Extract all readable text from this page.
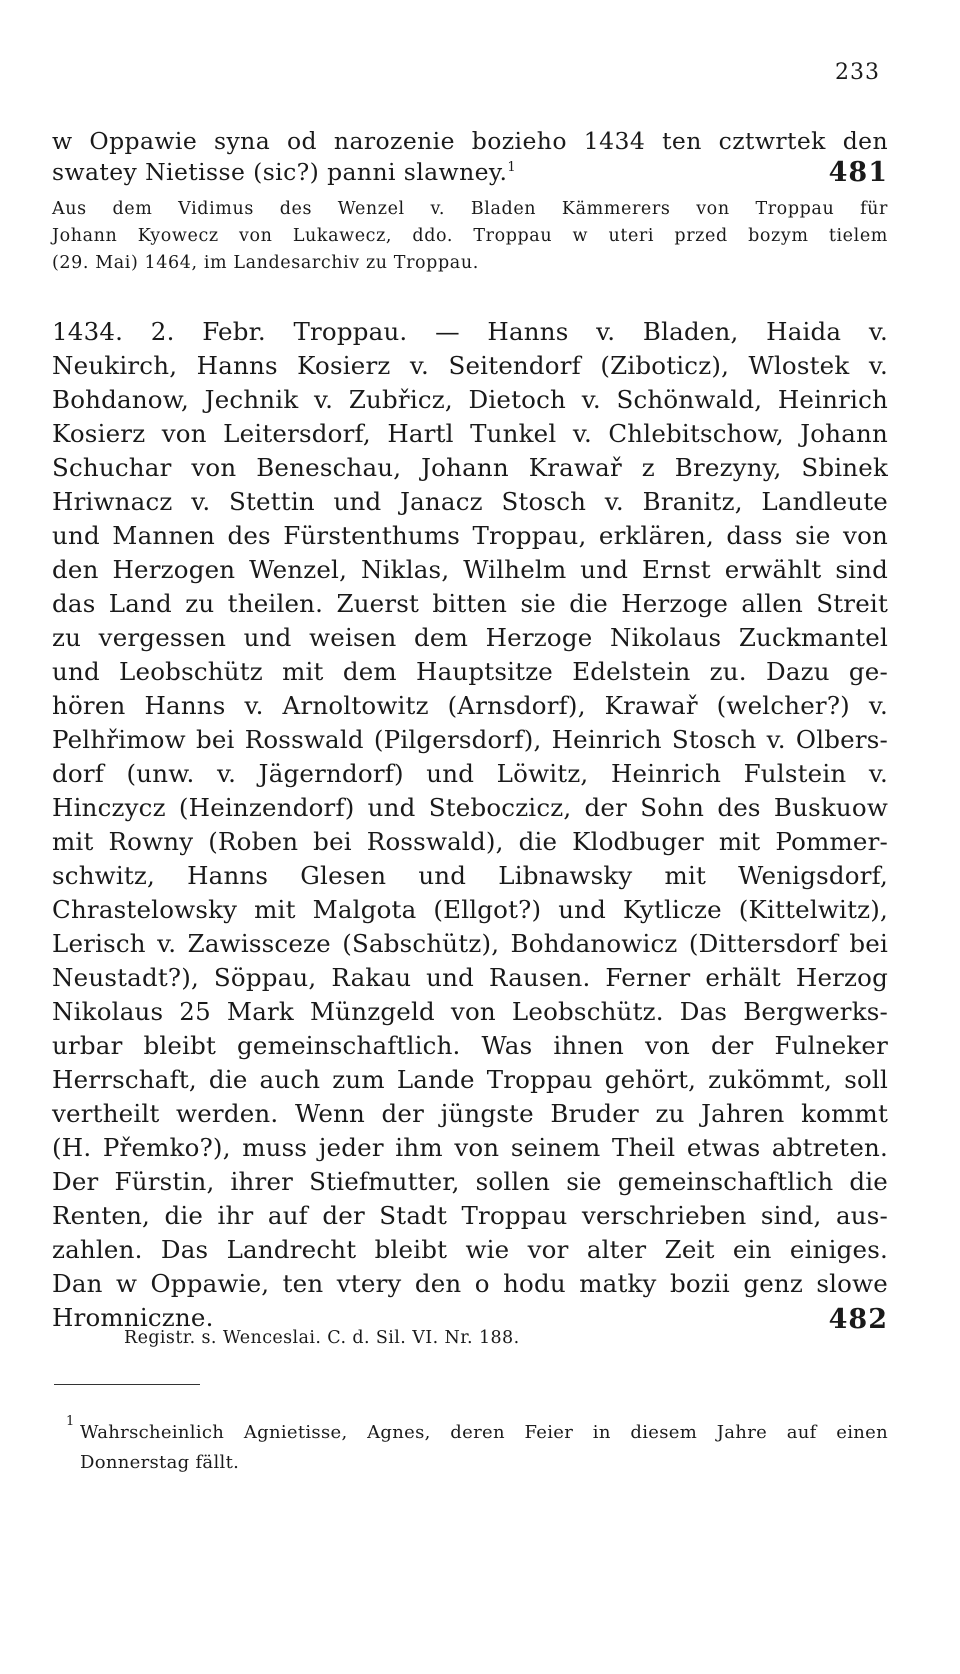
233
w Oppawie syna od narozenie bozieho 1434 ten cztwrtek den
swatey Nietisse (sic?) panni slawney.$^1$	481
Aus dem Vidimus des Wenzel v. Bladen Kämmerers von Troppau für
Johann Kyowecz von Lukawecz, ddo. Troppau w uteri przed bozym tielem
(29. Mai) 1464, im Landesarchiv zu Troppau.
1434. 2. Febr. Troppau. — Hanns v. Bladen, Haida v.
Neukirch, Hanns Kosierz v. Seitendorf (Ziboticz), Wlostek v.
Bohdanow, Jechnik v. Zubřicz, Dietoch v. Schönwald, Heinrich
Kosierz von Leitersdorf, Hartl Tunkel v. Chlebitschow, Johann
Schuchar von Beneschau, Johann Krawař z Brezyny, Sbinek
Hriwnacz v. Stettin und Janacz Stosch v. Branitz, Landleute
und Mannen des Fürstenthums Troppau, erklären, dass sie von
den Herzogen Wenzel, Niklas, Wilhelm und Ernst erwählt sind
das Land zu theilen. Zuerst bitten sie die Herzoge allen Streit
zu vergessen und weisen dem Herzoge Nikolaus Zuckmantel
und Leobschütz mit dem Hauptsitze Edelstein zu. Dazu ge-
hören Hanns v. Arnoltowitz (Arnsdorf), Krawař (welcher?) v.
Pelhřimow bei Rosswald (Pilgersdorf), Heinrich Stosch v. Olbers-
dorf (unw. v. Jägerndorf) und Löwitz, Heinrich Fulstein v.
Hinczycz (Heinzendorf) und Steboczicz, der Sohn des Buskuow
mit Rowny (Roben bei Rosswald), die Klodbuger mit Pommer-
schwitz, Hanns Glesen und Libnawsky mit Wenigsdorf,
Chrastelowsky mit Malgota (Ellgot?) und Kytlicze (Kittelwitz),
Lerisch v. Zawissceze (Sabschütz), Bohdanowicz (Dittersdorf bei
Neustadt?), Söppau, Rakau und Rausen. Ferner erhält Herzog
Nikolaus 25 Mark Münzgeld von Leobschütz. Das Bergwerks-
urbar bleibt gemeinschaftlich. Was ihnen von der Fulneker
Herrschaft, die auch zum Lande Troppau gehört, zukömmt, soll
vertheilt werden. Wenn der jüngste Bruder zu Jahren kommt
(H. Přemko?), muss jeder ihm von seinem Theil etwas abtreten.
Der Fürstin, ihrer Stiefmutter, sollen sie gemeinschaftlich die
Renten, die ihr auf der Stadt Troppau verschrieben sind, aus-
zahlen. Das Landrecht bleibt wie vor alter Zeit ein einiges.
Dan w Oppawie, ten vtery den o hodu matky bozii genz slowe
Hromniczne.	482
Registr. s. Wenceslai. C. d. Sil. VI. Nr. 188.
1
Wahrscheinlich Agnietisse, Agnes, deren Feier in diesem Jahre auf einen
Donnerstag fällt.
